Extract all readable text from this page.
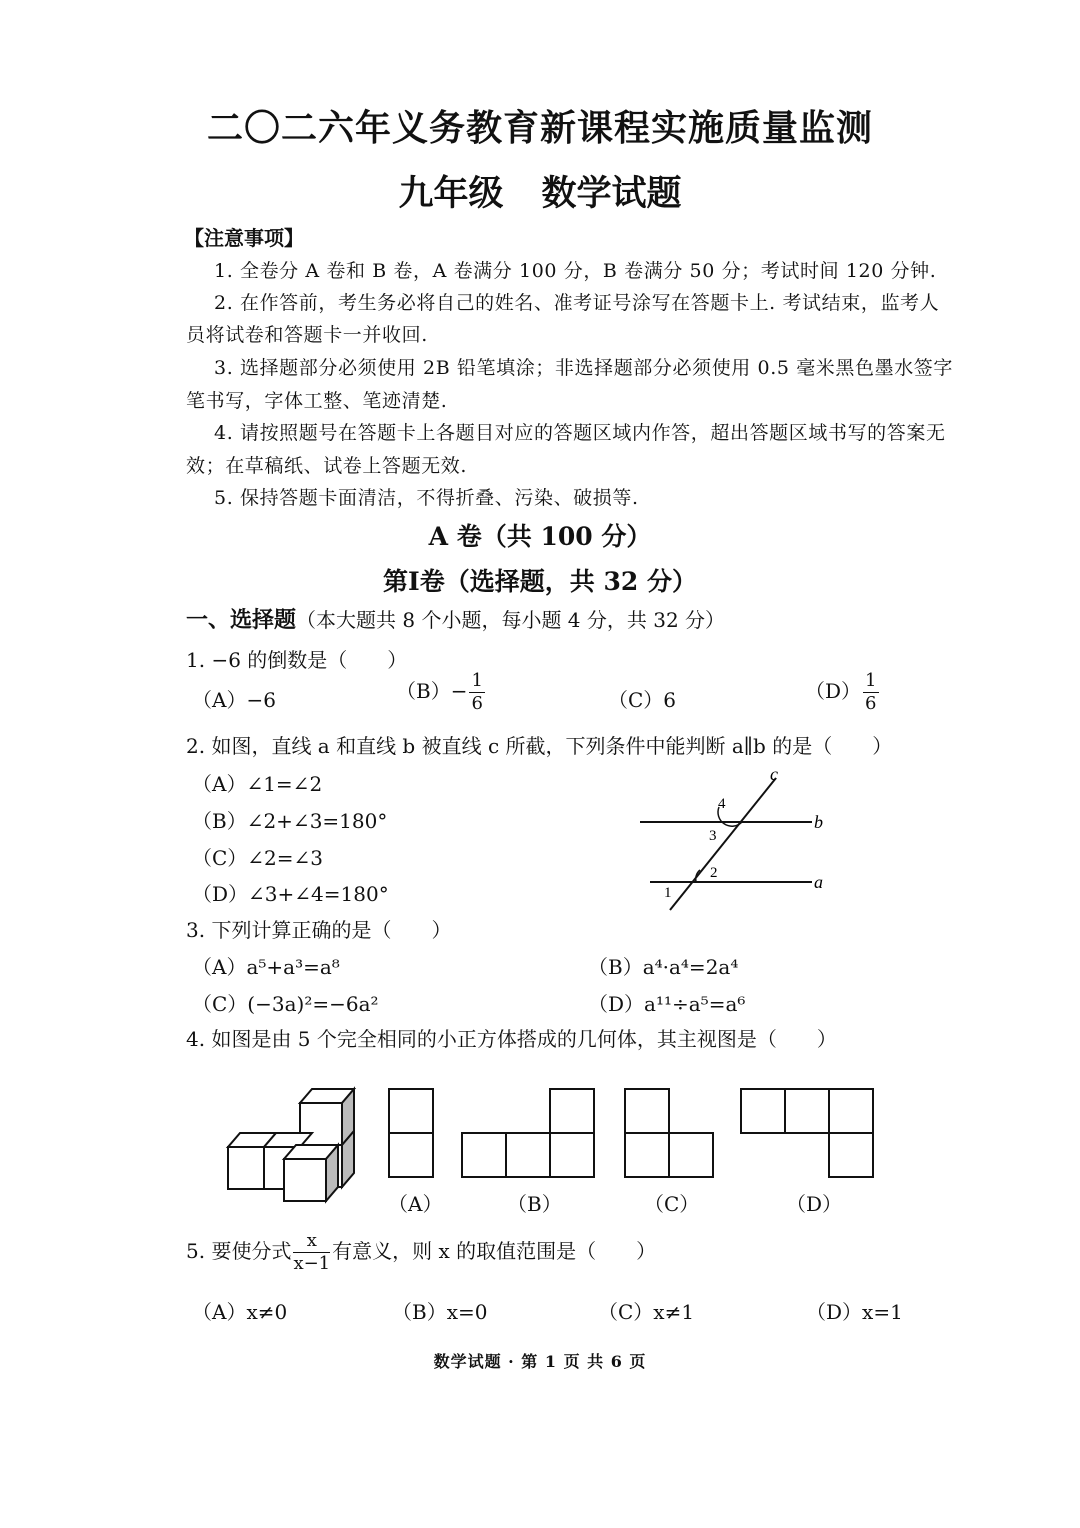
二〇二六年义务教育新课程实施质量监测
九年级 数学试题
【注意事项】
1. 全卷分 A 卷和 B 卷，A 卷满分 100 分，B 卷满分 50 分；考试时间 120 分钟.
2. 在作答前，考生务必将自己的姓名、准考证号涂写在答题卡上. 考试结束，监考人
员将试卷和答题卡一并收回.
3. 选择题部分必须使用 2B 铅笔填涂；非选择题部分必须使用 0.5 毫米黑色墨水签字
笔书写，字体工整、笔迹清楚.
4. 请按照题号在答题卡上各题目对应的答题区域内作答，超出答题区域书写的答案无
效；在草稿纸、试卷上答题无效.
5. 保持答题卡面清洁，不得折叠、污染、破损等.
A 卷（共 100 分）
第Ⅰ卷（选择题，共 32 分）
一、选择题（本大题共 8 个小题，每小题 4 分，共 32 分）
1. −6 的倒数是（　　）
（A）−6	$(B)- \frac{1}{6}$	（C）6	$(D) \frac{1}{6}$
2. 如图，直线 a 和直线 b 被直线 c 所截，下列条件中能判断 a∥b 的是（　　）
（A）∠1=∠2
（B）∠2+∠3=180°
（C）∠2=∠3
（D）∠3+∠4=180°
c
b
a
4
3
2
1
3. 下列计算正确的是（　　）
（A）a⁵+a³=a⁸	（B）a⁴·a⁴=2a⁴
（C）(−3a)²=−6a²	（D）a¹¹÷a⁵=a⁶
4. 如图是由 5 个完全相同的小正方体搭成的几何体，其主视图是（　　）
（A）	（B）	（C）	（D）
5. 要使分式 $\frac{x}{x-1}$ 有意义，则 x 的取值范围是（　　）
（A）x≠0	（B）x=0	（C）x≠1	（D）x=1
数学试题 · 第 1 页 共 6 页
